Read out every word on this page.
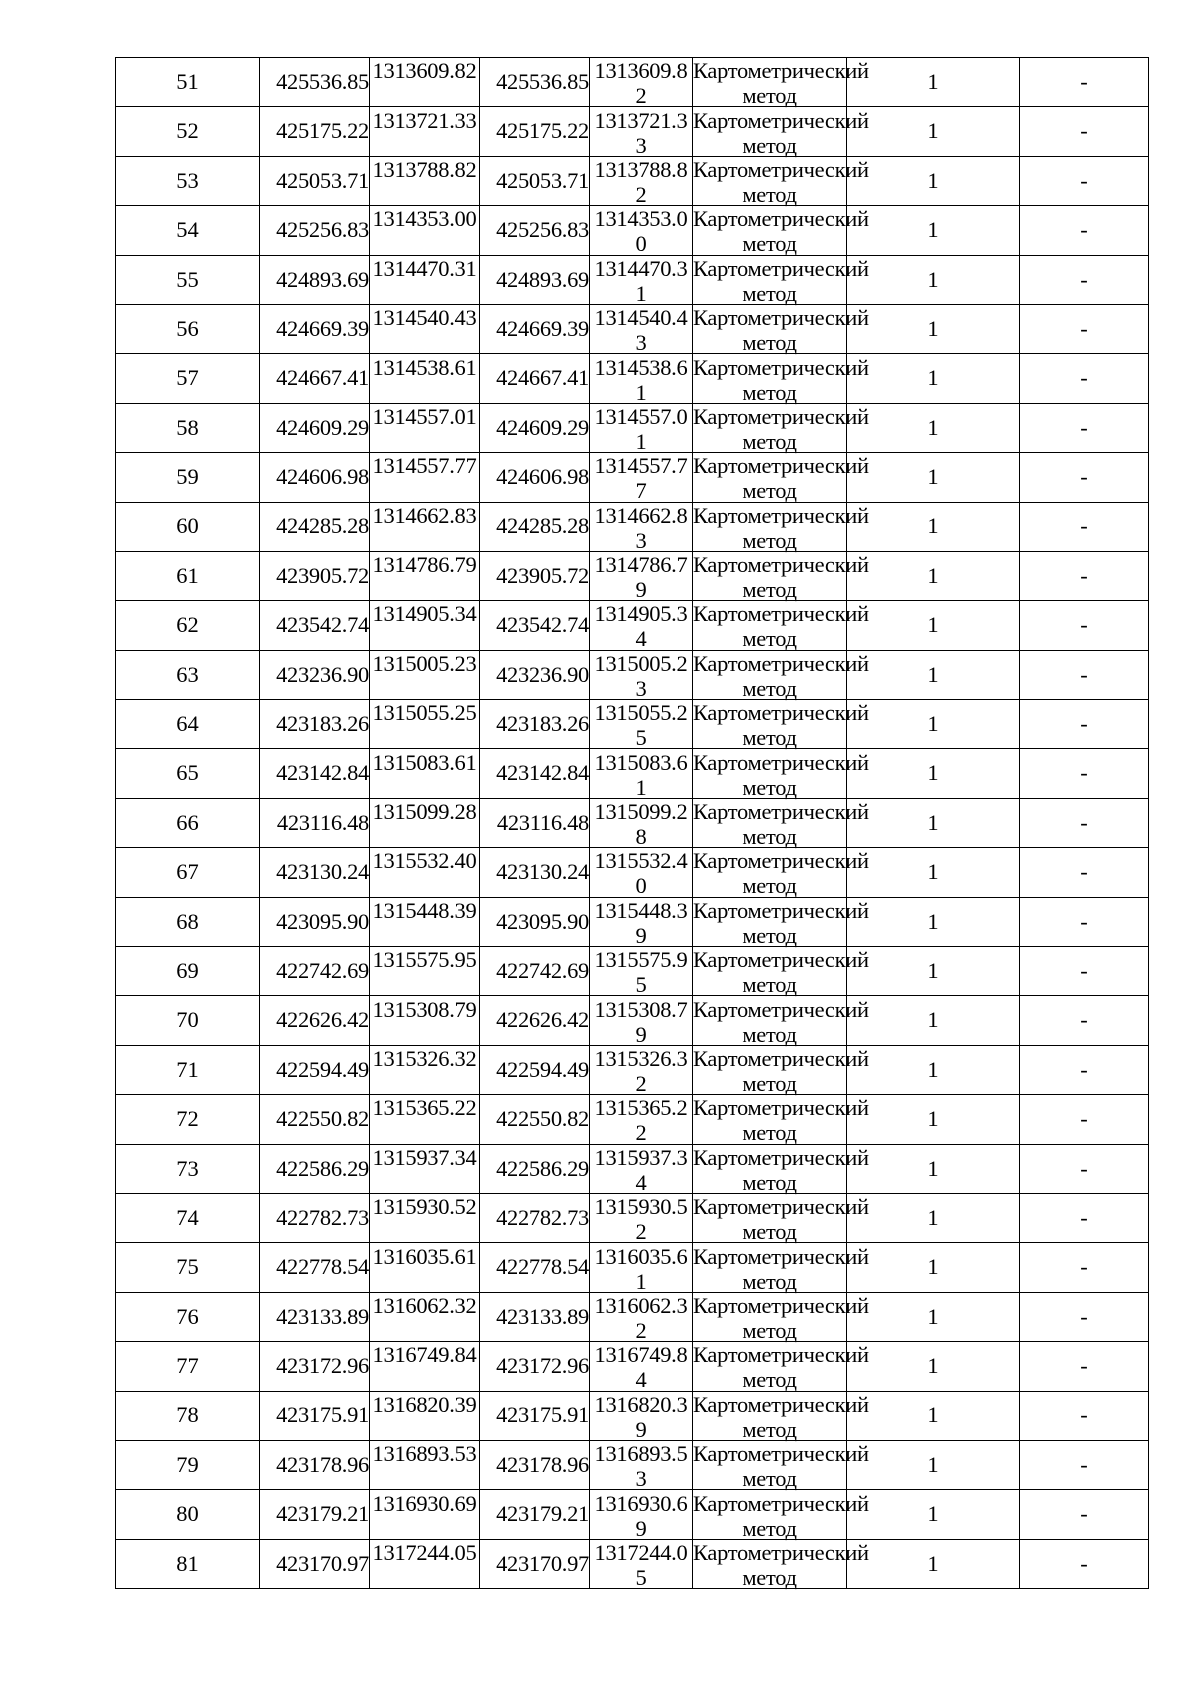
51	425536.85	1313609.82	425536.85	1313609.82	Картометрический метод	1	-
52	425175.22	1313721.33	425175.22	1313721.33	Картометрический метод	1	-
53	425053.71	1313788.82	425053.71	1313788.82	Картометрический метод	1	-
54	425256.83	1314353.00	425256.83	1314353.00	Картометрический метод	1	-
55	424893.69	1314470.31	424893.69	1314470.31	Картометрический метод	1	-
56	424669.39	1314540.43	424669.39	1314540.43	Картометрический метод	1	-
57	424667.41	1314538.61	424667.41	1314538.61	Картометрический метод	1	-
58	424609.29	1314557.01	424609.29	1314557.01	Картометрический метод	1	-
59	424606.98	1314557.77	424606.98	1314557.77	Картометрический метод	1	-
60	424285.28	1314662.83	424285.28	1314662.83	Картометрический метод	1	-
61	423905.72	1314786.79	423905.72	1314786.79	Картометрический метод	1	-
62	423542.74	1314905.34	423542.74	1314905.34	Картометрический метод	1	-
63	423236.90	1315005.23	423236.90	1315005.23	Картометрический метод	1	-
64	423183.26	1315055.25	423183.26	1315055.25	Картометрический метод	1	-
65	423142.84	1315083.61	423142.84	1315083.61	Картометрический метод	1	-
66	423116.48	1315099.28	423116.48	1315099.28	Картометрический метод	1	-
67	423130.24	1315532.40	423130.24	1315532.40	Картометрический метод	1	-
68	423095.90	1315448.39	423095.90	1315448.39	Картометрический метод	1	-
69	422742.69	1315575.95	422742.69	1315575.95	Картометрический метод	1	-
70	422626.42	1315308.79	422626.42	1315308.79	Картометрический метод	1	-
71	422594.49	1315326.32	422594.49	1315326.32	Картометрический метод	1	-
72	422550.82	1315365.22	422550.82	1315365.22	Картометрический метод	1	-
73	422586.29	1315937.34	422586.29	1315937.34	Картометрический метод	1	-
74	422782.73	1315930.52	422782.73	1315930.52	Картометрический метод	1	-
75	422778.54	1316035.61	422778.54	1316035.61	Картометрический метод	1	-
76	423133.89	1316062.32	423133.89	1316062.32	Картометрический метод	1	-
77	423172.96	1316749.84	423172.96	1316749.84	Картометрический метод	1	-
78	423175.91	1316820.39	423175.91	1316820.39	Картометрический метод	1	-
79	423178.96	1316893.53	423178.96	1316893.53	Картометрический метод	1	-
80	423179.21	1316930.69	423179.21	1316930.69	Картометрический метод	1	-
81	423170.97	1317244.05	423170.97	1317244.05	Картометрический метод	1	-
